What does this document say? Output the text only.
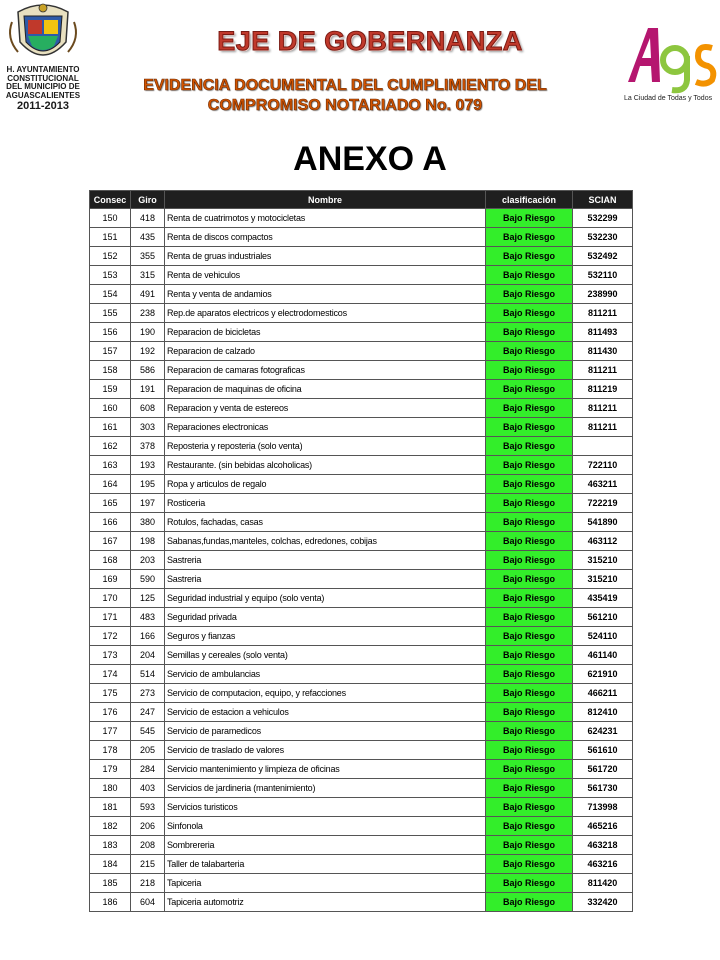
H. AYUNTAMIENTO
CONSTITUCIONAL
DEL MUNICIPIO DE
AGUASCALIENTES
2011-2013
EJE DE GOBERNANZA
EVIDENCIA DOCUMENTAL DEL CUMPLIMIENTO DEL
COMPROMISO NOTARIADO No. 079	La Ciudad de Todas y Todos
ANEXO A
Consec	Giro	Nombre	clasificación	SCIAN
150	418	Renta de cuatrimotos y motocicletas	Bajo Riesgo	532299
151	435	Renta de discos compactos	Bajo Riesgo	532230
152	355	Renta de gruas industriales	Bajo Riesgo	532492
153	315	Renta de vehiculos	Bajo Riesgo	532110
154	491	Renta y venta de andamios	Bajo Riesgo	238990
155	238	Rep.de aparatos electricos y electrodomesticos	Bajo Riesgo	811211
156	190	Reparacion de bicicletas	Bajo Riesgo	811493
157	192	Reparacion de calzado	Bajo Riesgo	811430
158	586	Reparacion de camaras fotograficas	Bajo Riesgo	811211
159	191	Reparacion de maquinas de oficina	Bajo Riesgo	811219
160	608	Reparacion y venta de estereos	Bajo Riesgo	811211
161	303	Reparaciones electronicas	Bajo Riesgo	811211
162	378	Reposteria y reposteria (solo venta)	Bajo Riesgo	
163	193	Restaurante. (sin bebidas alcoholicas)	Bajo Riesgo	722110
164	195	Ropa y articulos de regalo	Bajo Riesgo	463211
165	197	Rosticeria	Bajo Riesgo	722219
166	380	Rotulos, fachadas, casas	Bajo Riesgo	541890
167	198	Sabanas,fundas,manteles, colchas, edredones, cobijas	Bajo Riesgo	463112
168	203	Sastreria	Bajo Riesgo	315210
169	590	Sastreria	Bajo Riesgo	315210
170	125	Seguridad industrial y equipo (solo venta)	Bajo Riesgo	435419
171	483	Seguridad privada	Bajo Riesgo	561210
172	166	Seguros y fianzas	Bajo Riesgo	524110
173	204	Semillas y cereales (solo venta)	Bajo Riesgo	461140
174	514	Servicio de ambulancias	Bajo Riesgo	621910
175	273	Servicio de computacion, equipo, y refacciones	Bajo Riesgo	466211
176	247	Servicio de estacion a vehiculos	Bajo Riesgo	812410
177	545	Servicio de paramedicos	Bajo Riesgo	624231
178	205	Servicio de traslado de valores	Bajo Riesgo	561610
179	284	Servicio mantenimiento y limpieza de oficinas	Bajo Riesgo	561720
180	403	Servicios de jardineria (mantenimiento)	Bajo Riesgo	561730
181	593	Servicios turisticos	Bajo Riesgo	713998
182	206	Sinfonola	Bajo Riesgo	465216
183	208	Sombrereria	Bajo Riesgo	463218
184	215	Taller de talabarteria	Bajo Riesgo	463216
185	218	Tapiceria	Bajo Riesgo	811420
186	604	Tapiceria automotriz	Bajo Riesgo	332420
